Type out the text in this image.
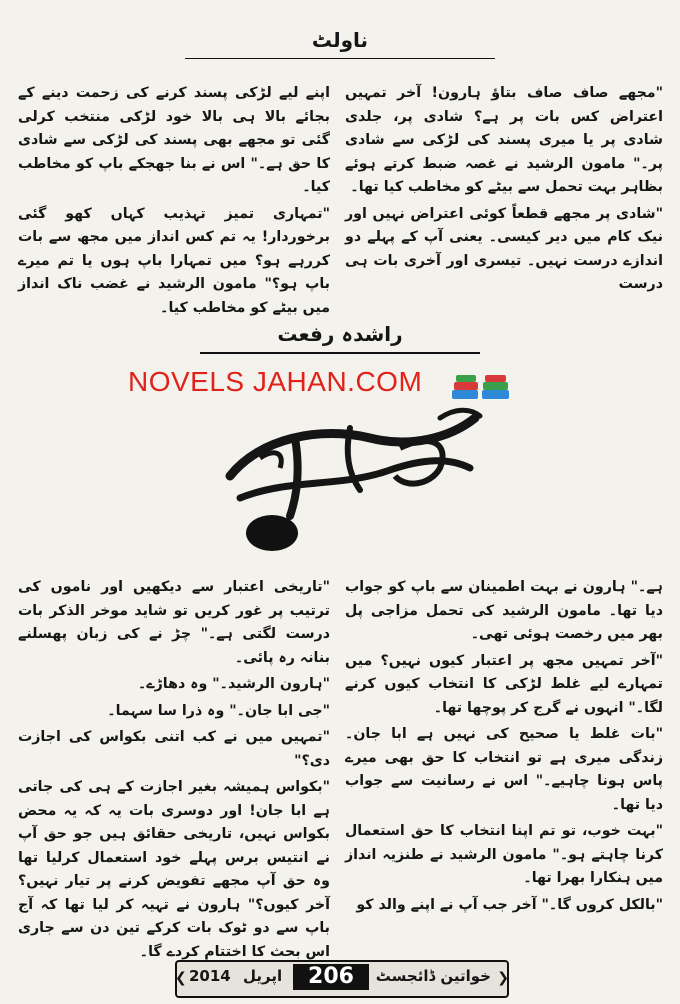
ناولٹ

"مجھے صاف صاف بتاؤ ہارون! آخر تمہیں اعتراض کس بات پر ہے؟ شادی پر، جلدی شادی پر یا میری پسند کی لڑکی سے شادی پر۔" مامون الرشید نے غصہ ضبط کرتے ہوئے بظاہر بہت تحمل سے بیٹے کو مخاطب کیا تھا۔

"شادی پر مجھے قطعاً کوئی اعتراض نہیں اور نیک کام میں دیر کیسی۔ یعنی آپ کے پہلے دو اندازے درست نہیں۔ تیسری اور آخری بات ہی درست

اپنے لیے لڑکی پسند کرنے کی زحمت دینے کے بجائے بالا ہی بالا خود لڑکی منتخب کرلی گئی تو مجھے بھی پسند کی لڑکی سے شادی کا حق ہے۔" اس نے بنا جھجکے باپ کو مخاطب کیا۔

"تمہاری تمیز تہذیب کہاں کھو گئی برخوردار! یہ تم کس انداز میں مجھ سے بات کررہے ہو؟ میں تمہارا باپ ہوں یا تم میرے باپ ہو؟" مامون الرشید نے غضب ناک انداز میں بیٹے کو مخاطب کیا۔

راشدہ رفعت
NOVELS JAHAN.COM

ہے۔" ہارون نے بہت اطمینان سے باپ کو جواب دیا تھا۔ مامون الرشید کی تحمل مزاجی پل بھر میں رخصت ہوئی تھی۔

"آخر تمہیں مجھ پر اعتبار کیوں نہیں؟ میں تمہارے لیے غلط لڑکی کا انتخاب کیوں کرنے لگا۔" انہوں نے گرج کر پوچھا تھا۔

"بات غلط یا صحیح کی نہیں ہے ابا جان۔ زندگی میری ہے تو انتخاب کا حق بھی میرے پاس ہونا چاہیے۔" اس نے رسانیت سے جواب دیا تھا۔

"بہت خوب، تو تم اپنا انتخاب کا حق استعمال کرنا چاہتے ہو۔" مامون الرشید نے طنزیہ انداز میں ہنکارا بھرا تھا۔

"بالکل کروں گا۔" آخر جب آپ نے اپنے والد کو

"تاریخی اعتبار سے دیکھیں اور ناموں کی ترتیب پر غور کریں تو شاید موخر الذکر بات درست لگتی ہے۔" چڑ نے کی زبان پھسلنے بنانہ رہ پائی۔

"ہارون الرشید۔" وہ دھاڑے۔

"جی ابا جان۔" وہ ذرا سا سہما۔

"تمہیں میں نے کب اتنی بکواس کی اجازت دی؟"

"بکواس ہمیشہ بغیر اجازت کے ہی کی جاتی ہے ابا جان! اور دوسری بات یہ کہ یہ محض بکواس نہیں، تاریخی حقائق ہیں جو حق آپ نے انتیس برس پہلے خود استعمال کرلیا تھا وہ حق آپ مجھے تفویض کرنے پر تیار نہیں؟ آخر کیوں؟" ہارون نے تہیہ کر لیا تھا کہ آج باپ سے دو ٹوک بات کرکے تین دن سے جاری اس بحث کا اختتام کردے گا۔

❮ 2014 اپریل	206	خواتین ڈائجسٹ ❯
